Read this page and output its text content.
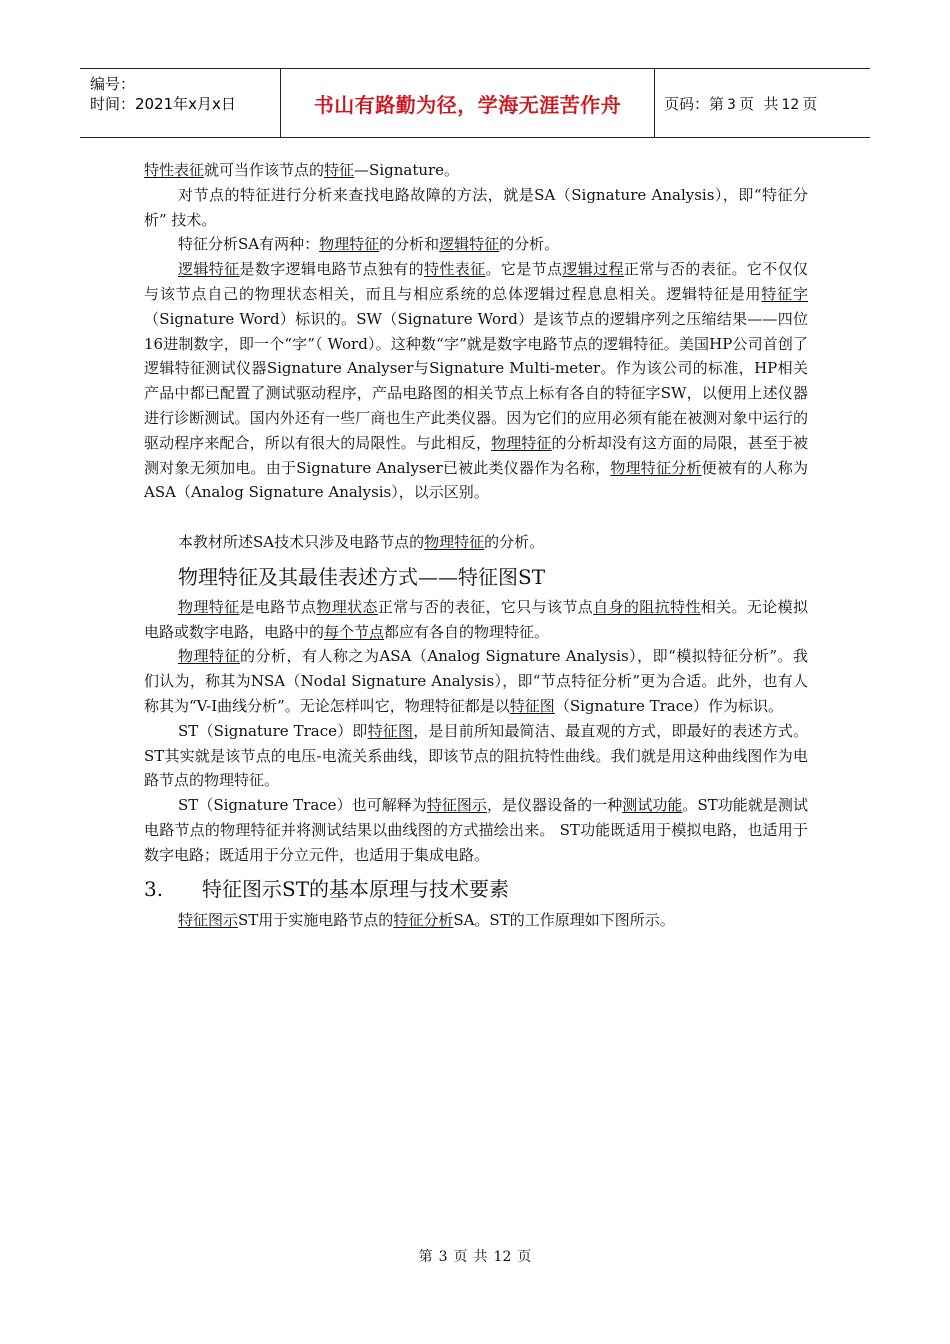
编号：
时间：2021年x月x日	书山有路勤为径，学海无涯苦作舟	页码：第 3 页  共 12 页

特性表征就可当作该节点的特征—Signature。

对节点的特征进行分析来查找电路故障的方法，就是SA（Signature Analysis），即“特征分析” 技术。

特征分析SA有两种：物理特征的分析和逻辑特征的分析。

逻辑特征是数字逻辑电路节点独有的特性表征。它是节点逻辑过程正常与否的表征。它不仅仅与该节点自己的物理状态相关，而且与相应系统的总体逻辑过程息息相关。逻辑特征是用特征字（Signature Word）标识的。SW（Signature Word）是该节点的逻辑序列之压缩结果——四位16进制数字，即一个“字”（ Word）。这种数“字”就是数字电路节点的逻辑特征。美国HP公司首创了逻辑特征测试仪器Signature Analyser与Signature Multi-meter。作为该公司的标准，HP相关产品中都已配置了测试驱动程序，产品电路图的相关节点上标有各自的特征字SW，以便用上述仪器进行诊断测试。国内外还有一些厂商也生产此类仪器。因为它们的应用必须有能在被测对象中运行的驱动程序来配合，所以有很大的局限性。与此相反，物理特征的分析却没有这方面的局限，甚至于被测对象无须加电。由于Signature Analyser已被此类仪器作为名称，物理特征分析便被有的人称为ASA（Analog Signature Analysis），以示区别。

本教材所述SA技术只涉及电路节点的物理特征的分析。

物理特征及其最佳表述方式——特征图ST

物理特征是电路节点物理状态正常与否的表征，它只与该节点自身的阻抗特性相关。无论模拟电路或数字电路，电路中的每个节点都应有各自的物理特征。

物理特征的分析，有人称之为ASA（Analog Signature Analysis），即“模拟特征分析”。我们认为，称其为NSA（Nodal Signature Analysis），即“节点特征分析”更为合适。此外，也有人称其为“V-I曲线分析”。无论怎样叫它，物理特征都是以特征图（Signature Trace）作为标识。

ST（Signature Trace）即特征图，是目前所知最简洁、最直观的方式，即最好的表述方式。ST其实就是该节点的电压-电流关系曲线，即该节点的阻抗特性曲线。我们就是用这种曲线图作为电路节点的物理特征。

ST（Signature Trace）也可解释为特征图示，是仪器设备的一种测试功能。ST功能就是测试电路节点的物理特征并将测试结果以曲线图的方式描绘出来。 ST功能既适用于模拟电路，也适用于数字电路；既适用于分立元件，也适用于集成电路。

3. 特征图示ST的基本原理与技术要素

特征图示ST用于实施电路节点的特征分析SA。ST的工作原理如下图所示。

第 3 页 共 12 页
